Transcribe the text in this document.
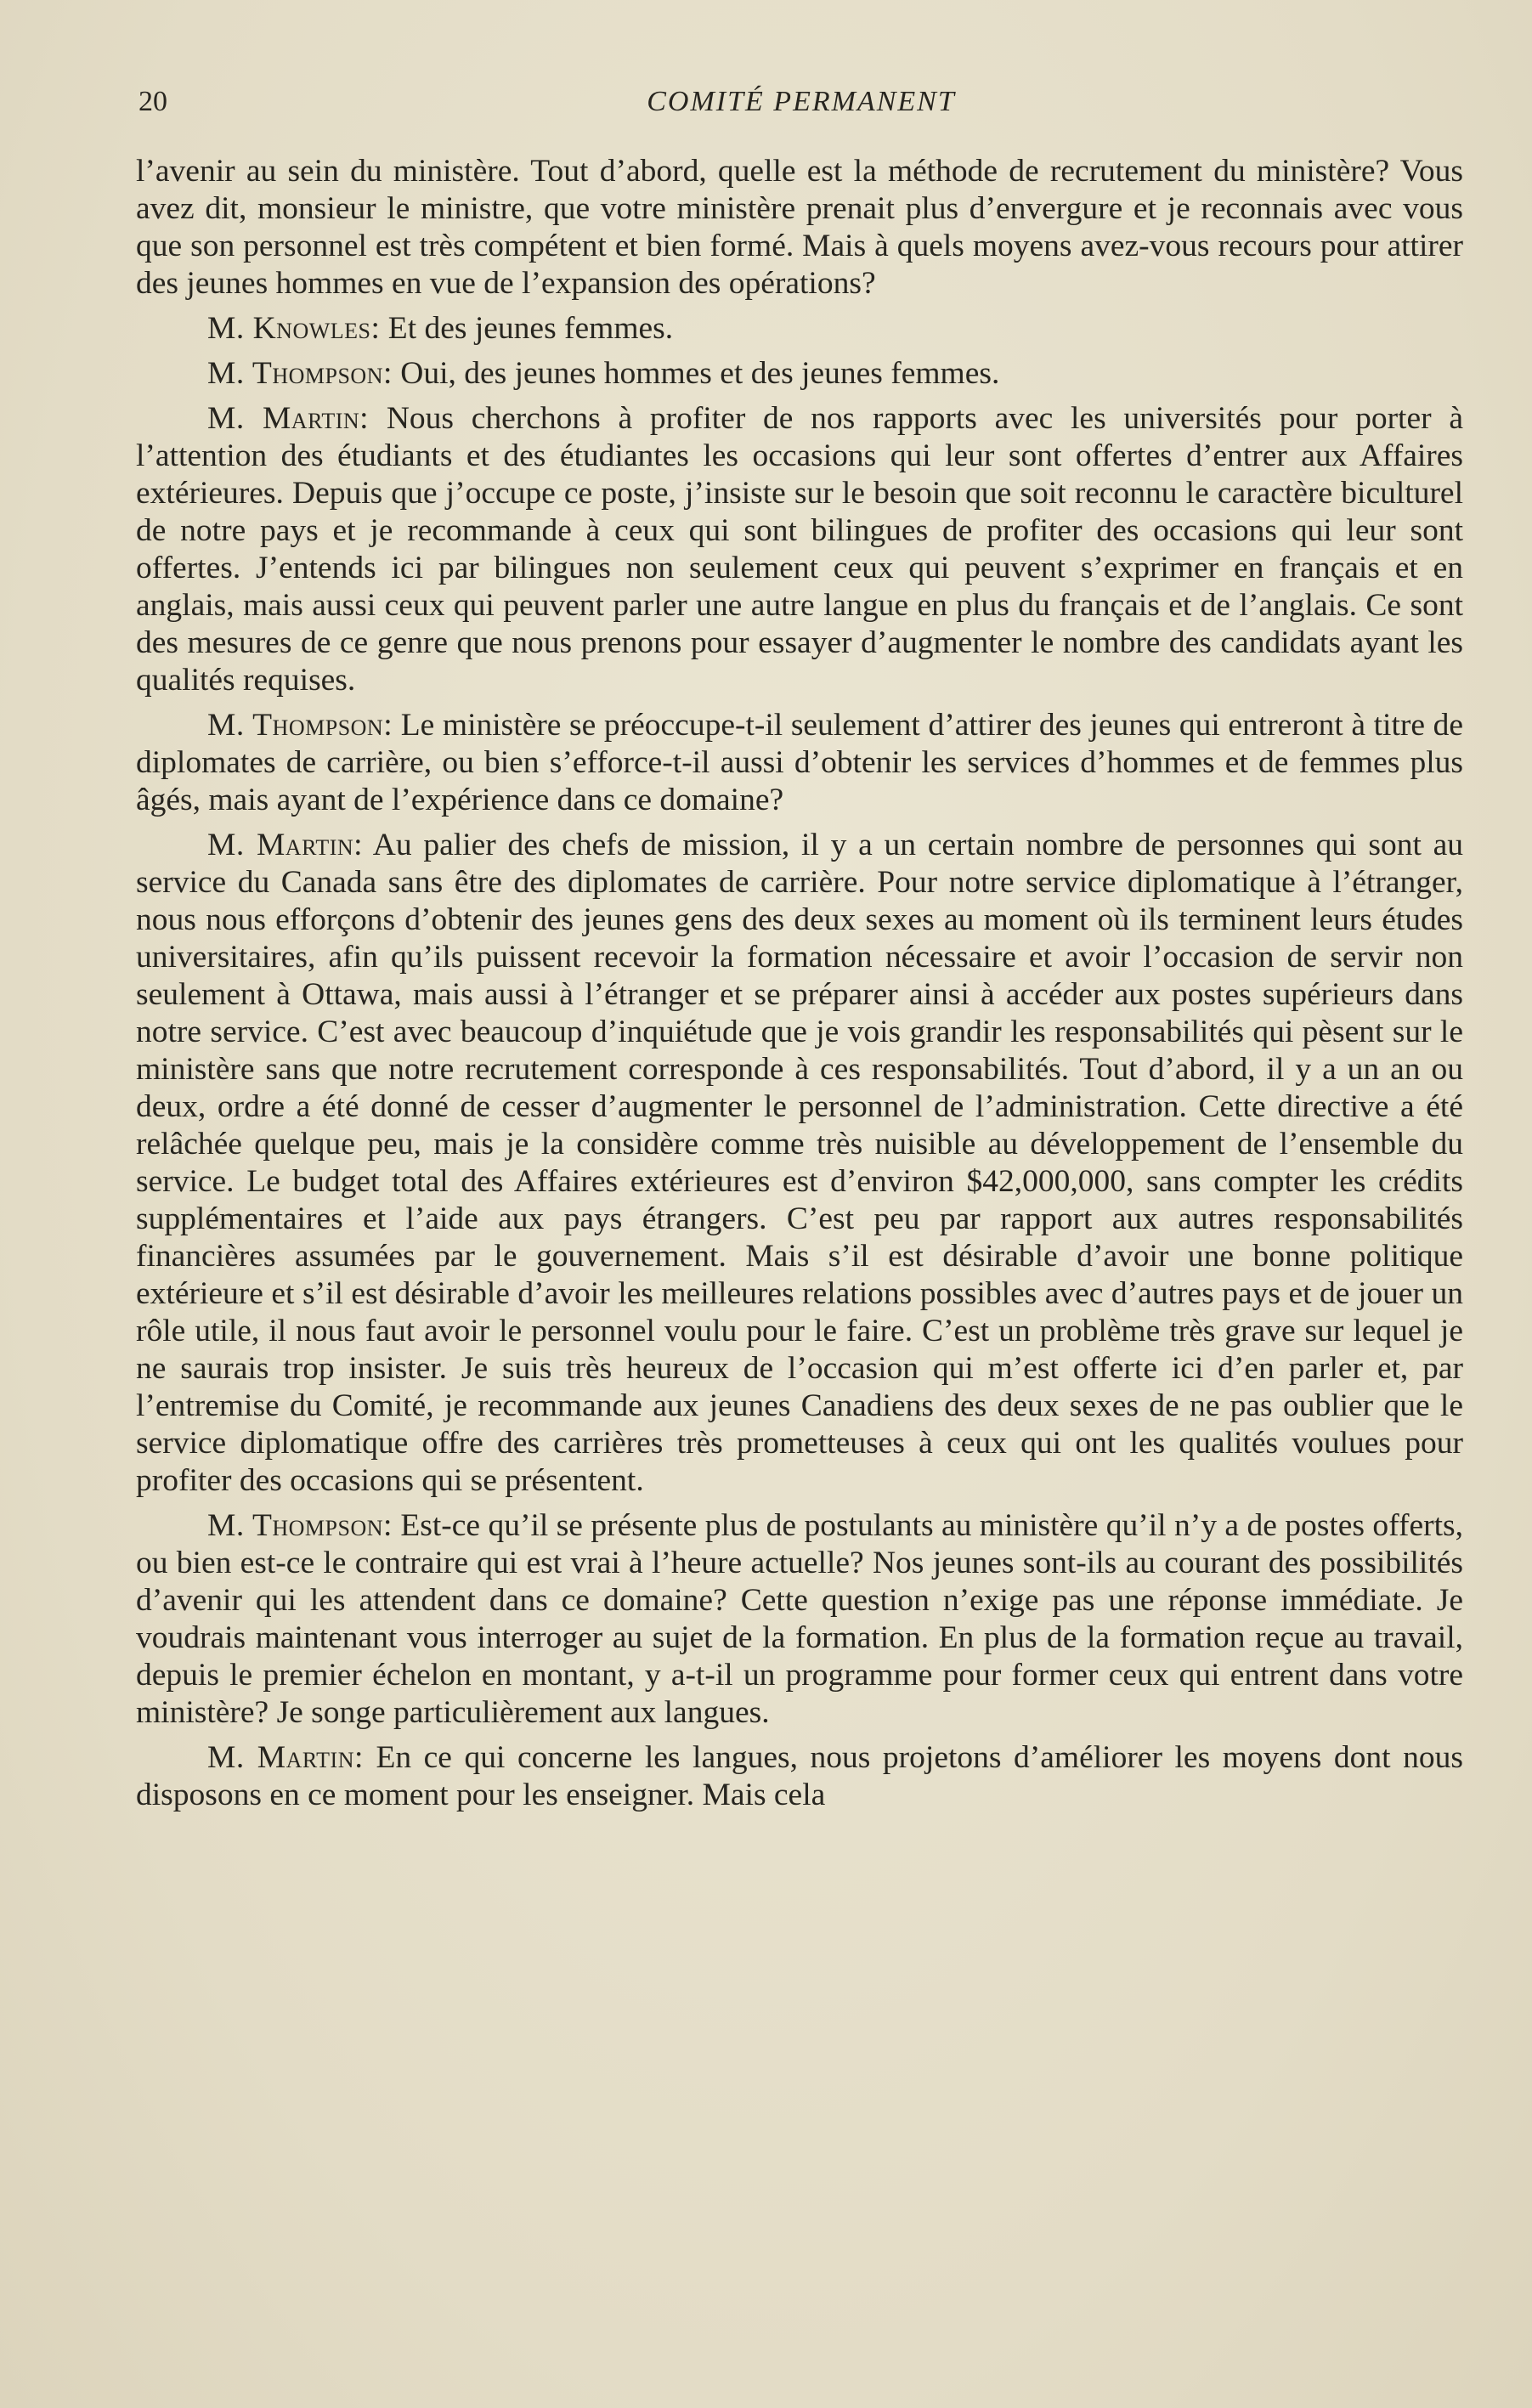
20	COMITÉ PERMANENT

l’avenir au sein du ministère. Tout d’abord, quelle est la méthode de recrutement du ministère? Vous avez dit, monsieur le ministre, que votre ministère prenait plus d’envergure et je reconnais avec vous que son personnel est très compétent et bien formé. Mais à quels moyens avez-vous recours pour attirer des jeunes hommes en vue de l’expansion des opérations?

M. Knowles: Et des jeunes femmes.

M. Thompson: Oui, des jeunes hommes et des jeunes femmes.

M. Martin: Nous cherchons à profiter de nos rapports avec les universités pour porter à l’attention des étudiants et des étudiantes les occasions qui leur sont offertes d’entrer aux Affaires extérieures. Depuis que j’occupe ce poste, j’insiste sur le besoin que soit reconnu le caractère biculturel de notre pays et je recommande à ceux qui sont bilingues de profiter des occasions qui leur sont offertes. J’entends ici par bilingues non seulement ceux qui peuvent s’exprimer en français et en anglais, mais aussi ceux qui peuvent parler une autre langue en plus du français et de l’anglais. Ce sont des mesures de ce genre que nous prenons pour essayer d’augmenter le nombre des candidats ayant les qualités requises.

M. Thompson: Le ministère se préoccupe-t-il seulement d’attirer des jeunes qui entreront à titre de diplomates de carrière, ou bien s’efforce-t-il aussi d’obtenir les services d’hommes et de femmes plus âgés, mais ayant de l’expérience dans ce domaine?

M. Martin: Au palier des chefs de mission, il y a un certain nombre de personnes qui sont au service du Canada sans être des diplomates de carrière. Pour notre service diplomatique à l’étranger, nous nous efforçons d’obtenir des jeunes gens des deux sexes au moment où ils terminent leurs études universitaires, afin qu’ils puissent recevoir la formation nécessaire et avoir l’occasion de servir non seulement à Ottawa, mais aussi à l’étranger et se préparer ainsi à accéder aux postes supérieurs dans notre service. C’est avec beaucoup d’inquiétude que je vois grandir les responsabilités qui pèsent sur le ministère sans que notre recrutement corresponde à ces responsabilités. Tout d’abord, il y a un an ou deux, ordre a été donné de cesser d’augmenter le personnel de l’administration. Cette directive a été relâchée quelque peu, mais je la considère comme très nuisible au développement de l’ensemble du service. Le budget total des Affaires extérieures est d’environ $42,000,000, sans compter les crédits supplémentaires et l’aide aux pays étrangers. C’est peu par rapport aux autres responsabilités financières assumées par le gouvernement. Mais s’il est désirable d’avoir une bonne politique extérieure et s’il est désirable d’avoir les meilleures relations possibles avec d’autres pays et de jouer un rôle utile, il nous faut avoir le personnel voulu pour le faire. C’est un problème très grave sur lequel je ne saurais trop insister. Je suis très heureux de l’occasion qui m’est offerte ici d’en parler et, par l’entremise du Comité, je recommande aux jeunes Canadiens des deux sexes de ne pas oublier que le service diplomatique offre des carrières très prometteuses à ceux qui ont les qualités voulues pour profiter des occasions qui se présentent.

M. Thompson: Est-ce qu’il se présente plus de postulants au ministère qu’il n’y a de postes offerts, ou bien est-ce le contraire qui est vrai à l’heure actuelle? Nos jeunes sont-ils au courant des possibilités d’avenir qui les attendent dans ce domaine? Cette question n’exige pas une réponse immédiate. Je voudrais maintenant vous interroger au sujet de la formation. En plus de la formation reçue au travail, depuis le premier échelon en montant, y a-t-il un programme pour former ceux qui entrent dans votre ministère? Je songe particulièrement aux langues.

M. Martin: En ce qui concerne les langues, nous projetons d’améliorer les moyens dont nous disposons en ce moment pour les enseigner. Mais cela
